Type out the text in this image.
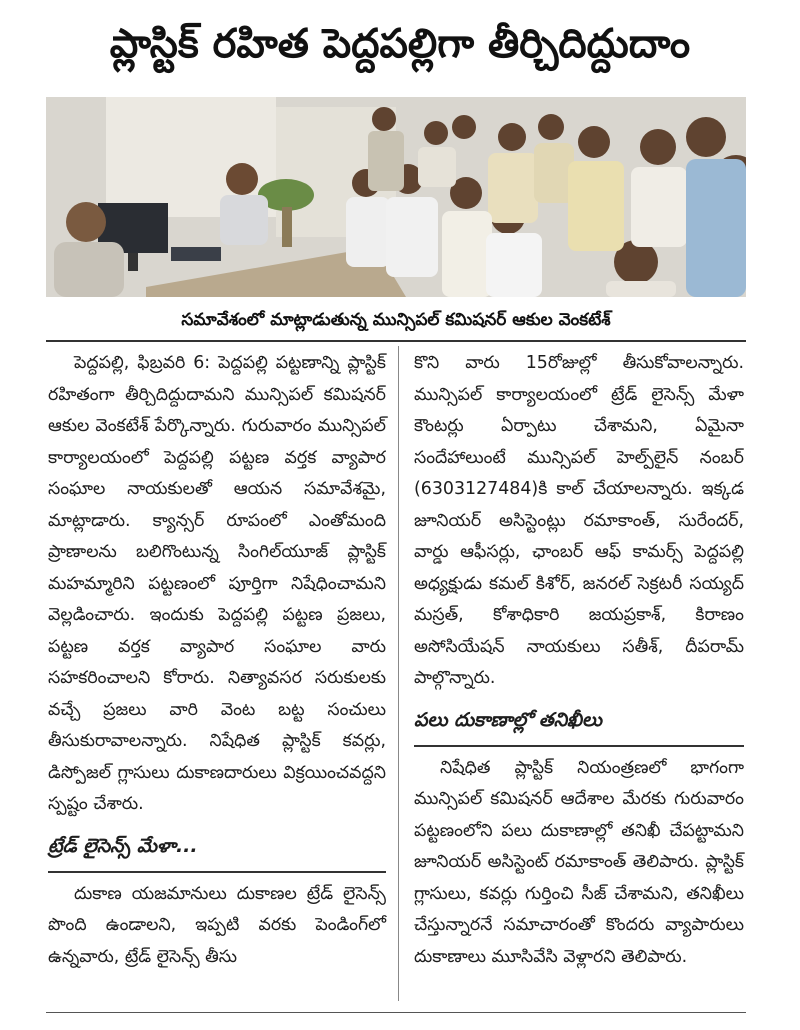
ప్లాస్టిక్ రహిత పెద్దపల్లిగా తీర్చిదిద్దుదాం
సమావేశంలో మాట్లాడుతున్న మున్సిపల్ కమిషనర్ ఆకుల వెంకటేశ్

పెద్దపల్లి, ఫిబ్రవరి 6: పెద్దపల్లి పట్టణాన్ని ప్లాస్టిక్ రహితంగా తీర్చిదిద్దుదామని మున్సిపల్ కమిషనర్ ఆకుల వెంకటేశ్ పేర్కొన్నారు. గురువారం మున్సిపల్ కార్యాలయంలో పెద్దపల్లి పట్టణ వర్తక వ్యాపార సంఘాల నాయకులతో ఆయన సమావేశమై, మాట్లాడారు. క్యాన్సర్ రూపంలో ఎంతోమంది ప్రాణాలను బలిగొంటున్న సింగిల్‌యూజ్ ప్లాస్టిక్ మహమ్మారిని పట్టణంలో పూర్తిగా నిషేధించామని వెల్లడించారు. ఇందుకు పెద్దపల్లి పట్టణ ప్రజలు, పట్టణ వర్తక వ్యాపార సంఘాల వారు సహకరించాలని కోరారు. నిత్యావసర సరుకులకు వచ్చే ప్రజలు వారి వెంట బట్ట సంచులు తీసుకురావాలన్నారు. నిషేధిత ప్లాస్టిక్ కవర్లు, డిస్పోజల్ గ్లాసులు దుకాణదారులు విక్రయించవద్దని స్పష్టం చేశారు.

ట్రేడ్ లైసెన్స్ మేళా...

దుకాణ యజమానులు దుకాణల ట్రేడ్ లైసెన్స్ పొంది ఉండాలని, ఇప్పటి వరకు పెండింగ్‌లో ఉన్నవారు, ట్రేడ్ లైసెన్స్ తీసు

కొని వారు 15రోజుల్లో తీసుకోవాలన్నారు. మున్సిపల్ కార్యాలయంలో ట్రేడ్ లైసెన్స్ మేళా కౌంటర్లు ఏర్పాటు చేశామని, ఏమైనా సందేహాలుంటే మున్సిపల్ హెల్ప్‌లైన్ నంబర్ (6303127484)కి కాల్ చేయాలన్నారు. ఇక్కడ జూనియర్ అసిస్టెంట్లు రమాకాంత్, సురేందర్, వార్డు ఆఫీసర్లు, ఛాంబర్ ఆఫ్ కామర్స్ పెద్దపల్లి అధ్యక్షుడు కమల్ కిశోర్, జనరల్ సెక్రటరీ సయ్యద్ మస్రత్, కోశాధికారి జయప్రకాశ్, కిరాణం అసోసియేషన్ నాయకులు సతీశ్, దీపరామ్ పాల్గొన్నారు.

పలు దుకాణాల్లో తనిఖీలు

నిషేధిత ప్లాస్టిక్ నియంత్రణలో భాగంగా మున్సిపల్ కమిషనర్ ఆదేశాల మేరకు గురువారం పట్టణంలోని పలు దుకాణాల్లో తనిఖీ చేపట్టామని జూనియర్ అసిస్టెంట్ రమాకాంత్ తెలిపారు. ప్లాస్టిక్ గ్లాసులు, కవర్లు గుర్తించి సీజ్ చేశామని, తనిఖీలు చేస్తున్నారనే సమాచారంతో కొందరు వ్యాపారులు దుకాణాలు మూసివేసి వెళ్లారని తెలిపారు.
